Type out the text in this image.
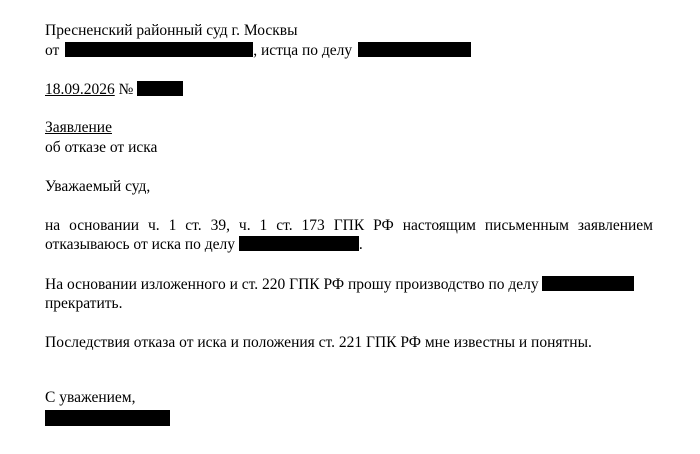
Пресненский районный суд г. Москвы
от	, истца по делу
18.09.2026 №
Заявление
об отказе от иска
Уважаемый суд,
на основании ч. 1 ст. 39, ч. 1 ст. 173 ГПК РФ настоящим письменным заявлением
отказываюсь от иска по делу	.
На основании изложенного и ст. 220 ГПК РФ прошу производство по делу
прекратить.
Последствия отказа от иска и положения ст. 221 ГПК РФ мне известны и понятны.
С уважением,
